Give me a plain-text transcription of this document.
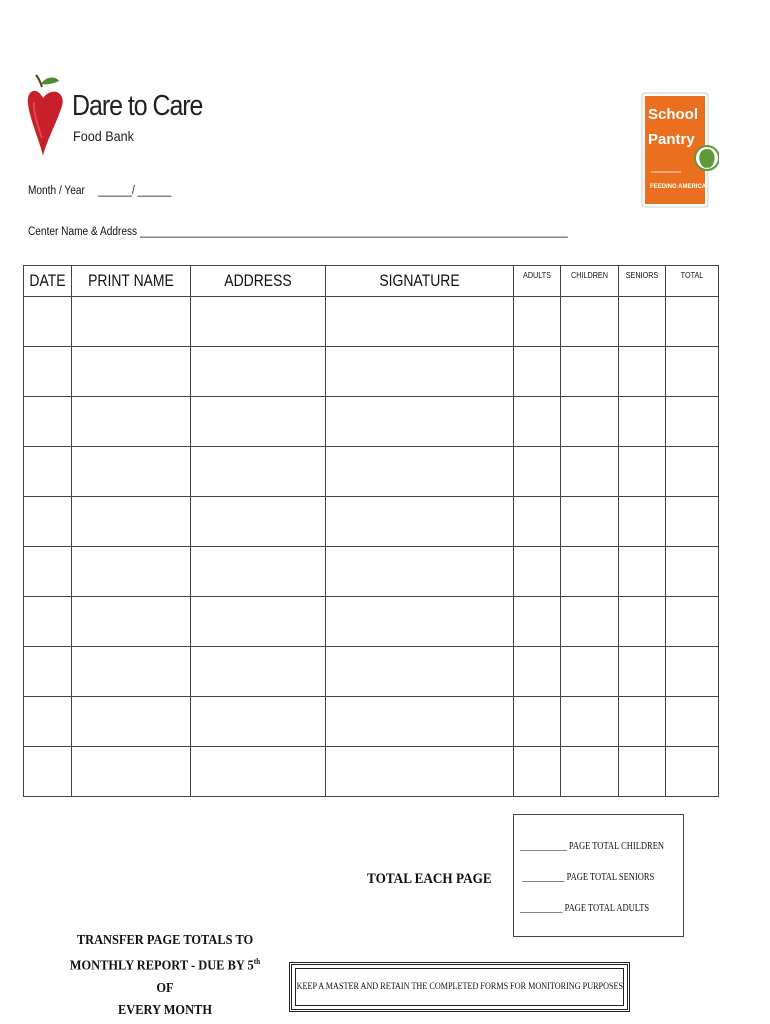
Dare to Care
Food Bank
School
Pantry
FEEDING AMERICA
Month / Year ______/ ______
Center Name & Address ____________________________________________________________________________
DATE	PRINT NAME	ADDRESS	SIGNATURE	ADULTS	CHILDREN	SENIORS	TOTAL

___________ PAGE TOTAL CHILDREN
__________ PAGE TOTAL SENIORS
__________ PAGE TOTAL ADULTS
TOTAL EACH PAGE
TRANSFER PAGE TOTALS TO
MONTHLY REPORT - DUE BY 5th OF
EVERY MONTH
KEEP A MASTER AND RETAIN THE COMPLETED FORMS FOR MONITORING PURPOSES
